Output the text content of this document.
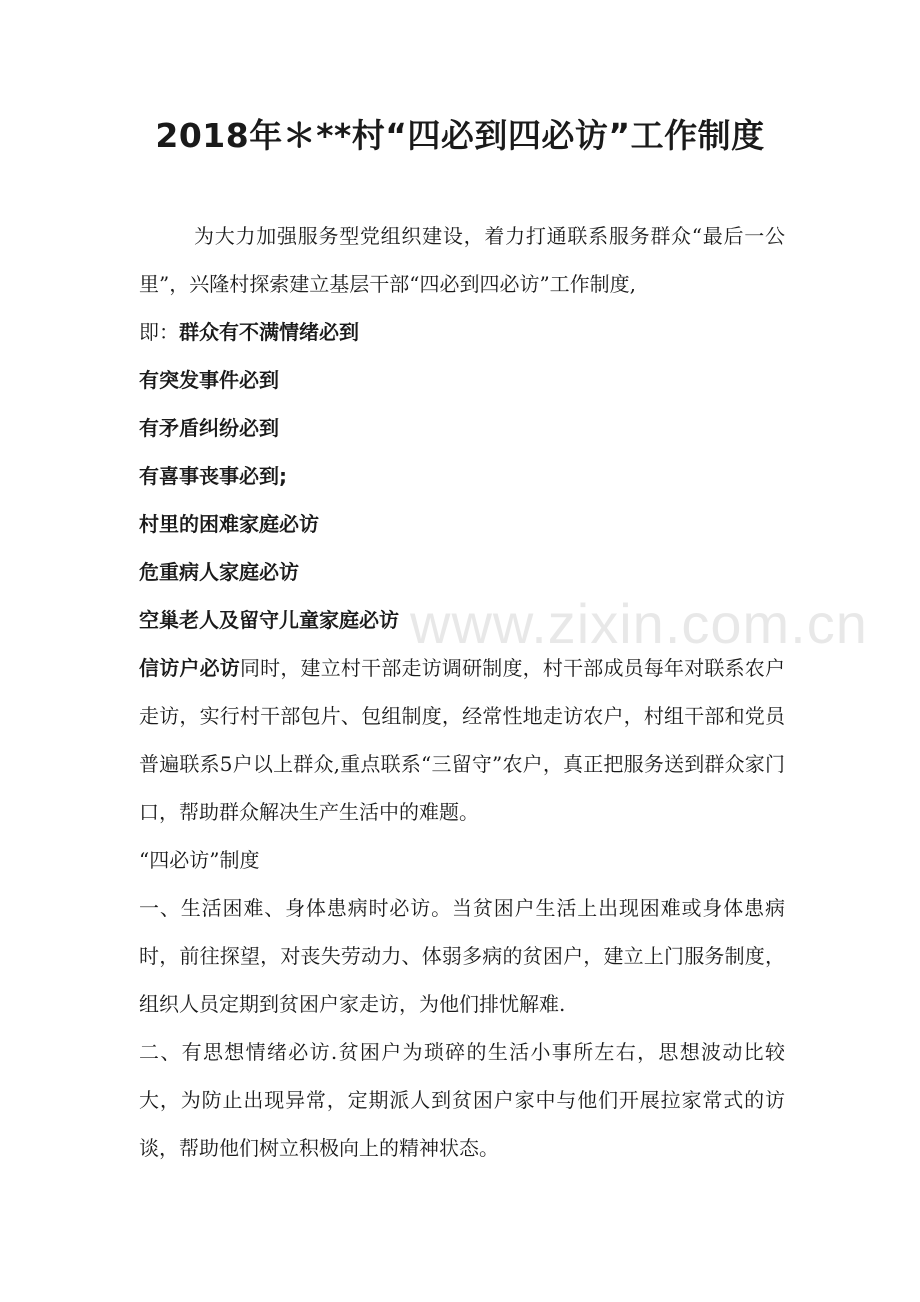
2018年＊**村“四必到四必访”工作制度

为大力加强服务型党组织建设，着力打通联系服务群众“最后一公里”，兴隆村探索建立基层干部“四必到四必访”工作制度,

即：群众有不满情绪必到

有突发事件必到

有矛盾纠纷必到

有喜事丧事必到;

村里的困难家庭必访

危重病人家庭必访

空巢老人及留守儿童家庭必访

信访户必访同时，建立村干部走访调研制度，村干部成员每年对联系农户走访，实行村干部包片、包组制度，经常性地走访农户，村组干部和党员普遍联系5户以上群众,重点联系“三留守”农户，真正把服务送到群众家门口，帮助群众解决生产生活中的难题。

“四必访”制度

一、生活困难、身体患病时必访。当贫困户生活上出现困难或身体患病时，前往探望，对丧失劳动力、体弱多病的贫困户，建立上门服务制度，组织人员定期到贫困户家走访，为他们排忧解难.

二、有思想情绪必访.贫困户为琐碎的生活小事所左右，思想波动比较大，为防止出现异常，定期派人到贫困户家中与他们开展拉家常式的访谈，帮助他们树立积极向上的精神状态。

www.zixin.com.cn
